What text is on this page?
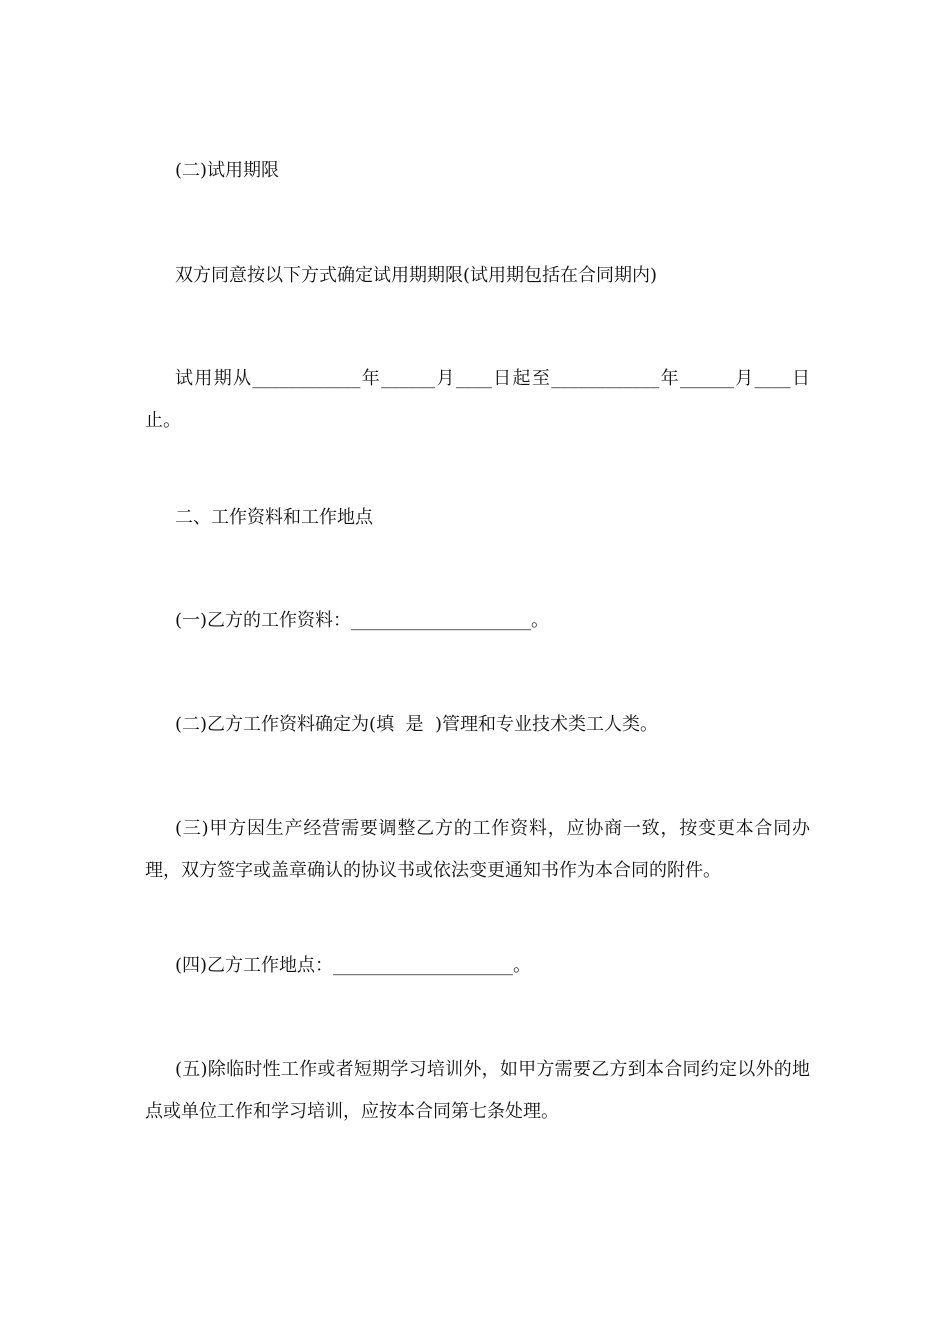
(二)试用期限

双方同意按以下方式确定试用期期限(试用期包括在合同期内)

试用期从____________年______月____日起至____________年______月____日止。

二、工作资料和工作地点

(一)乙方的工作资料：____________________。

(二)乙方工作资料确定为(填  是  )管理和专业技术类工人类。

(三)甲方因生产经营需要调整乙方的工作资料，应协商一致，按变更本合同办理，双方签字或盖章确认的协议书或依法变更通知书作为本合同的附件。

(四)乙方工作地点：____________________。

(五)除临时性工作或者短期学习培训外，如甲方需要乙方到本合同约定以外的地点或单位工作和学习培训，应按本合同第七条处理。
